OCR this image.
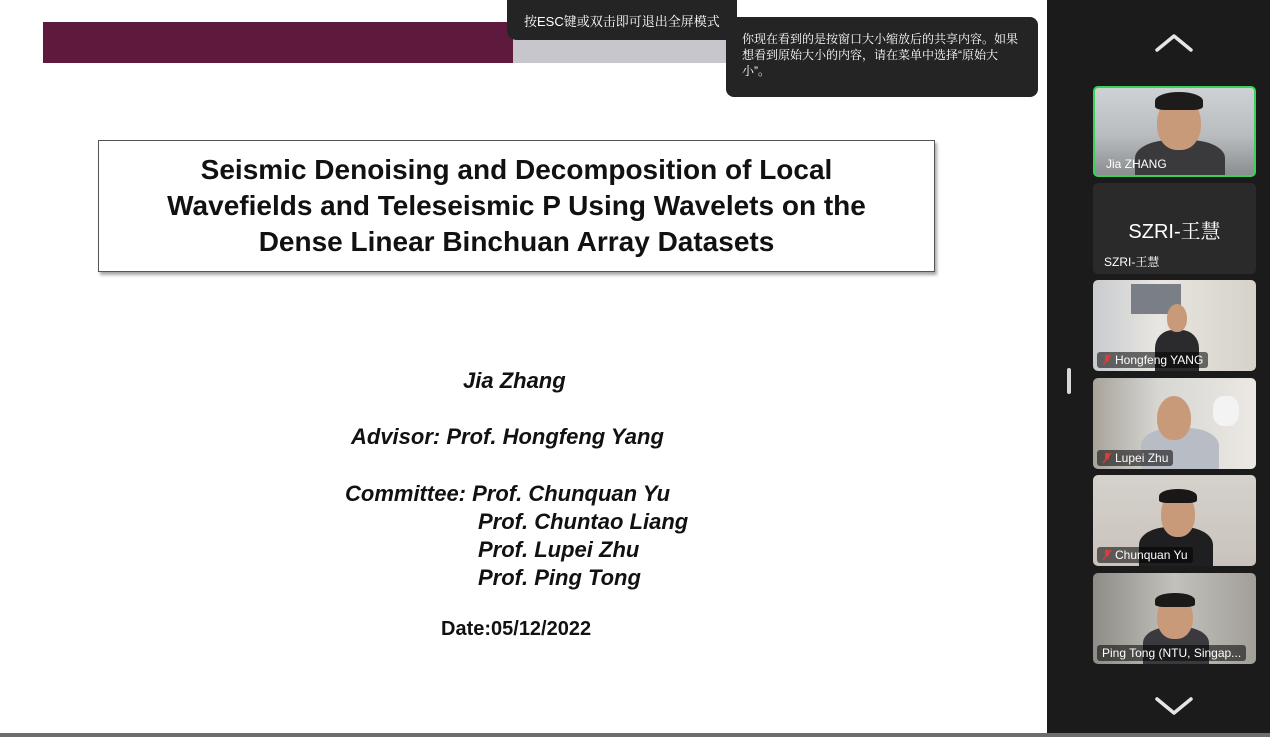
Seismic Denoising and Decomposition of Local
Wavefields and Teleseismic P Using Wavelets on the
Dense Linear Binchuan Array Datasets
Jia Zhang
Advisor: Prof. Hongfeng Yang
Committee: Prof. Chunquan Yu
Prof. Chuntao Liang
Prof. Lupei Zhu
Prof. Ping Tong
Date:05/12/2022
按ESC键或双击即可退出全屏模式
你现在看到的是按窗口大小缩放后的共享内容。如果想看到原始大小的内容，请在菜单中选择“原始大小”。
Jia ZHANG
SZRI-王慧
SZRI-王慧
Hongfeng YANG
Lupei Zhu
Chunquan Yu
Ping Tong (NTU, Singap...
